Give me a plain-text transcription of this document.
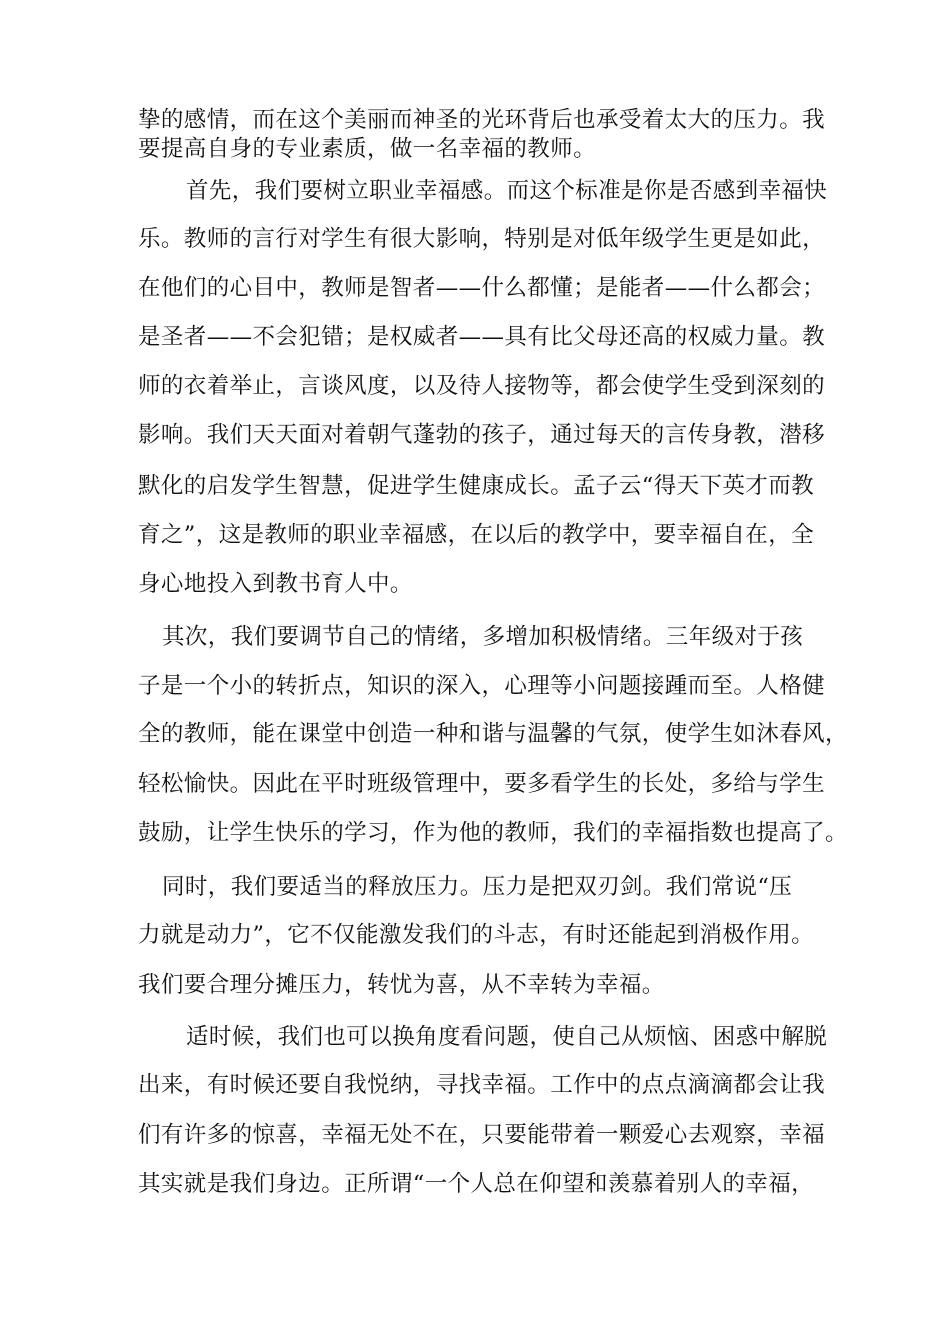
挚的感情，而在这个美丽而神圣的光环背后也承受着太大的压力。我

要提高自身的专业素质，做一名幸福的教师。

首先，我们要树立职业幸福感。而这个标准是你是否感到幸福快

乐。教师的言行对学生有很大影响，特别是对低年级学生更是如此，

在他们的心目中，教师是智者——什么都懂；是能者——什么都会；

是圣者——不会犯错；是权威者——具有比父母还高的权威力量。教

师的衣着举止，言谈风度，以及待人接物等，都会使学生受到深刻的

影响。我们天天面对着朝气蓬勃的孩子，通过每天的言传身教，潜移

默化的启发学生智慧，促进学生健康成长。孟子云“得天下英才而教

育之”，这是教师的职业幸福感，在以后的教学中，要幸福自在，全

身心地投入到教书育人中。

其次，我们要调节自己的情绪，多增加积极情绪。三年级对于孩

子是一个小的转折点，知识的深入，心理等小问题接踵而至。人格健

全的教师，能在课堂中创造一种和谐与温馨的气氛，使学生如沐春风，

轻松愉快。因此在平时班级管理中，要多看学生的长处，多给与学生

鼓励，让学生快乐的学习，作为他的教师，我们的幸福指数也提高了。

同时，我们要适当的释放压力。压力是把双刃剑。我们常说“压

力就是动力”，它不仅能激发我们的斗志，有时还能起到消极作用。

我们要合理分摊压力，转忧为喜，从不幸转为幸福。

适时候，我们也可以换角度看问题，使自己从烦恼、困惑中解脱

出来，有时候还要自我悦纳，寻找幸福。工作中的点点滴滴都会让我

们有许多的惊喜，幸福无处不在，只要能带着一颗爱心去观察，幸福

其实就是我们身边。正所谓“一个人总在仰望和羡慕着别人的幸福，
